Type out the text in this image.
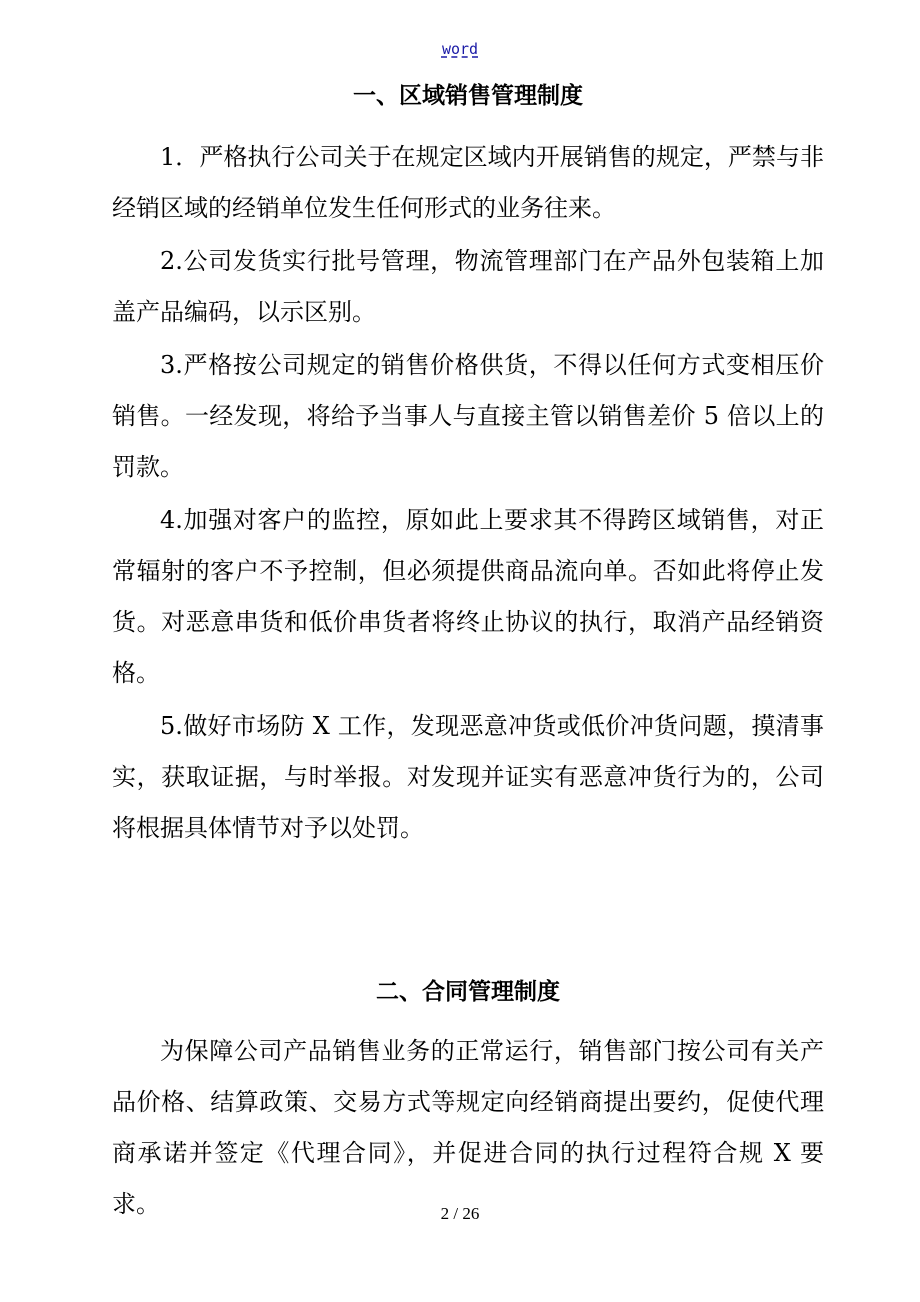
word
一、区域销售管理制度

1．严格执行公司关于在规定区域内开展销售的规定，严禁与非经销区域的经销单位发生任何形式的业务往来。

2.公司发货实行批号管理，物流管理部门在产品外包装箱上加盖产品编码，以示区别。

3.严格按公司规定的销售价格供货，不得以任何方式变相压价销售。一经发现，将给予当事人与直接主管以销售差价 5 倍以上的罚款。

4.加强对客户的监控，原如此上要求其不得跨区域销售，对正常辐射的客户不予控制，但必须提供商品流向单。否如此将停止发货。对恶意串货和低价串货者将终止协议的执行，取消产品经销资格。

5.做好市场防 X 工作，发现恶意冲货或低价冲货问题，摸清事实，获取证据，与时举报。对发现并证实有恶意冲货行为的，公司将根据具体情节对予以处罚。

二、合同管理制度

为保障公司产品销售业务的正常运行，销售部门按公司有关产品价格、结算政策、交易方式等规定向经销商提出要约，促使代理商承诺并签定《代理合同》，并促进合同的执行过程符合规 X 要求。	2 / 26
